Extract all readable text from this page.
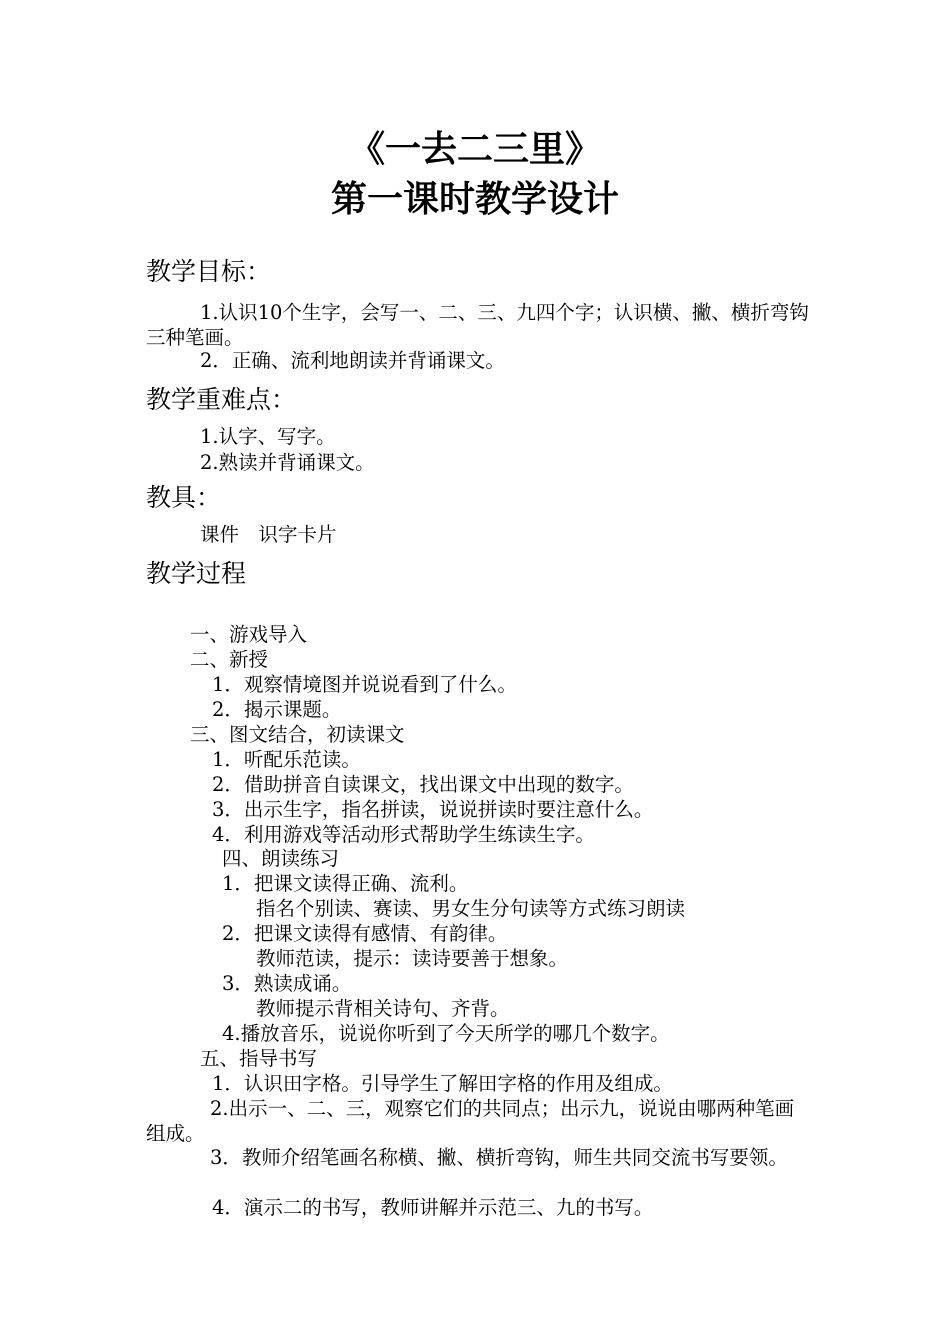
《一去二三里》
第一课时教学设计
教学目标：
1.认识10个生字，会写一、二、三、九四个字；认识横、撇、横折弯钩三种笔画。
2．正确、流利地朗读并背诵课文。
教学重难点：
1.认字、写字。
2.熟读并背诵课文。
教具：
课件　识字卡片
教学过程
一、游戏导入
二、新授
1．观察情境图并说说看到了什么。
2．揭示课题。
三、图文结合，初读课文
1．听配乐范读。
2．借助拼音自读课文，找出课文中出现的数字。
3．出示生字，指名拼读，说说拼读时要注意什么。
4．利用游戏等活动形式帮助学生练读生字。
四、朗读练习
1．把课文读得正确、流利。
指名个别读、赛读、男女生分句读等方式练习朗读
2．把课文读得有感情、有韵律。
教师范读，提示：读诗要善于想象。
3．熟读成诵。
教师提示背相关诗句、齐背。
4.播放音乐，说说你听到了今天所学的哪几个数字。
五、指导书写
1．认识田字格。引导学生了解田字格的作用及组成。
2.出示一、二、三，观察它们的共同点；出示九，说说由哪两种笔画组成。
3．教师介绍笔画名称横、撇、横折弯钩，师生共同交流书写要领。
4．演示二的书写，教师讲解并示范三、九的书写。
